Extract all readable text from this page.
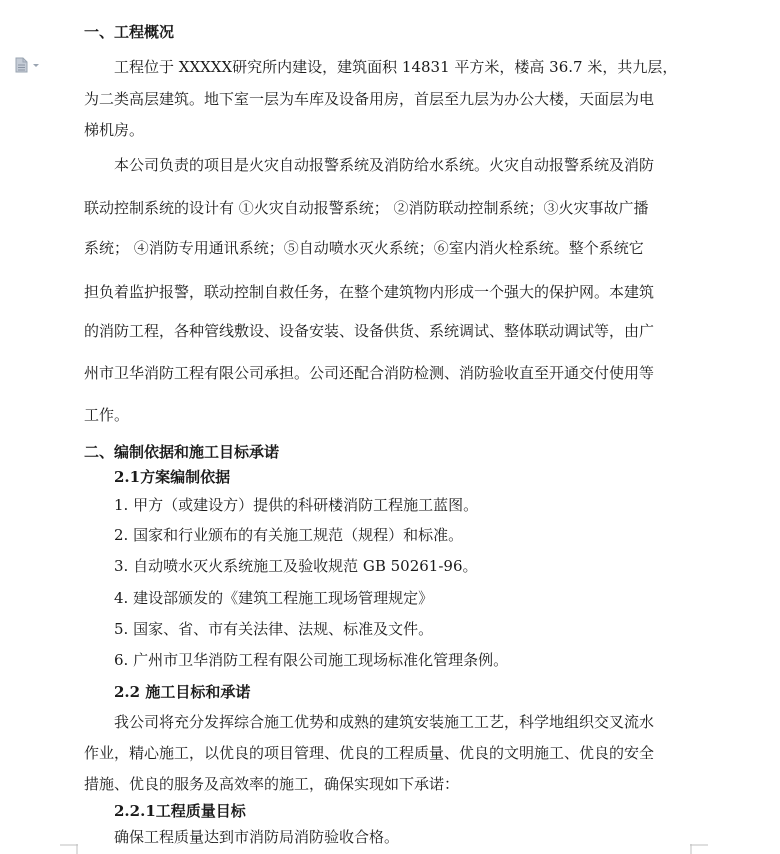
一、工程概况
工程位于 XXXXX研究所内建设，建筑面积 14831 平方米，楼高 36.7 米，共九层，
为二类高层建筑。地下室一层为车库及设备用房，首层至九层为办公大楼，天面层为电
梯机房。
本公司负责的项目是火灾自动报警系统及消防给水系统。火灾自动报警系统及消防
联动控制系统的设计有 ①火灾自动报警系统； ②消防联动控制系统；③火灾事故广播
系统； ④消防专用通讯系统；⑤自动喷水灭火系统；⑥室内消火栓系统。整个系统它
担负着监护报警，联动控制自救任务，在整个建筑物内形成一个强大的保护网。本建筑
的消防工程，各种管线敷设、设备安装、设备供货、系统调试、整体联动调试等，由广
州市卫华消防工程有限公司承担。公司还配合消防检测、消防验收直至开通交付使用等
工作。
二、编制依据和施工目标承诺
2.1方案编制依据
1. 甲方（或建设方）提供的科研楼消防工程施工蓝图。
2. 国家和行业颁布的有关施工规范（规程）和标准。
3. 自动喷水灭火系统施工及验收规范 GB 50261-96。
4. 建设部颁发的《建筑工程施工现场管理规定》
5. 国家、省、市有关法律、法规、标准及文件。
6. 广州市卫华消防工程有限公司施工现场标准化管理条例。
2.2 施工目标和承诺
我公司将充分发挥综合施工优势和成熟的建筑安装施工工艺，科学地组织交叉流水
作业，精心施工，以优良的项目管理、优良的工程质量、优良的文明施工、优良的安全
措施、优良的服务及高效率的施工，确保实现如下承诺：
2.2.1工程质量目标
确保工程质量达到市消防局消防验收合格。
